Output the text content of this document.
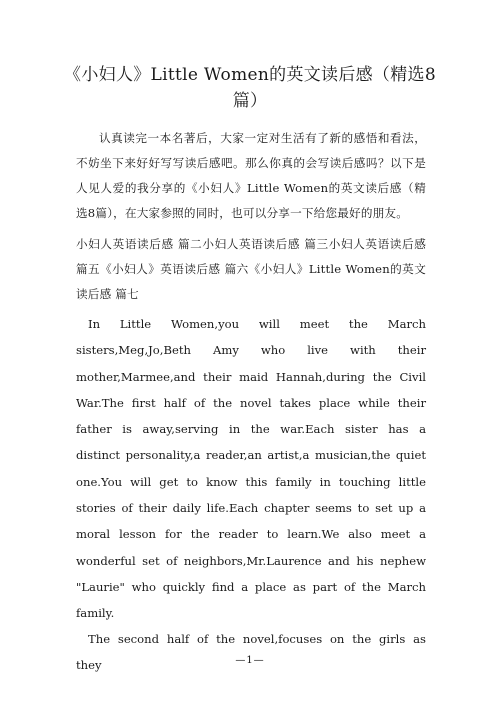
《小妇人》Little Women的英文读后感（精选8篇）
认真读完一本名著后，大家一定对生活有了新的感悟和看法，不妨坐下来好好写写读后感吧。那么你真的会写读后感吗？以下是人见人爱的我分享的《小妇人》Little Women的英文读后感（精选8篇），在大家参照的同时，也可以分享一下给您最好的朋友。
小妇人英语读后感 篇二小妇人英语读后感 篇三小妇人英语读后感 篇五《小妇人》英语读后感 篇六《小妇人》Little Women的英文读后感 篇七
In Little Women,you will meet the March sisters,Meg,Jo,Beth Amy who live with their mother,Marmee,and their maid Hannah,during the Civil War.The first half of the novel takes place while their father is away,serving in the war.Each sister has a distinct personality,a reader,an artist,a musician,the quiet one.You will get to know this family in touching little stories of their daily life.Each chapter seems to set up a moral lesson for the reader to learn.We also meet a wonderful set of neighbors,Mr.Laurence and his nephew "Laurie" who quickly find a place as part of the March family.
The second half of the novel,focuses on the girls as they	—1—
